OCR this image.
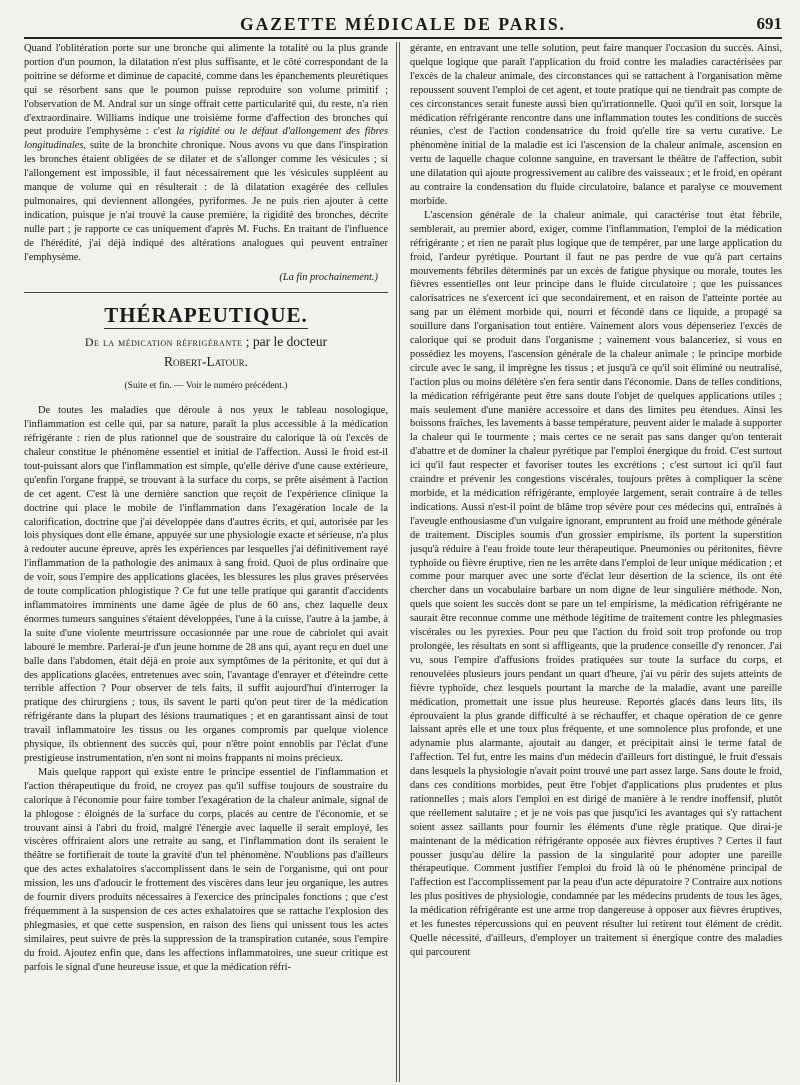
GAZETTE MÉDICALE DE PARIS.	691

Quand l'oblitération porte sur une bronche qui alimente la totalité ou la plus grande portion d'un poumon, la dilatation n'est plus suffisante, et le côté correspondant de la poitrine se déforme et diminue de capacité, comme dans les épanchements pleurétiques qui se résorbent sans que le poumon puisse reproduire son volume primitif ; l'observation de M. Andral sur un singe offrait cette particularité qui, du reste, n'a rien d'extraordinaire. Williams indique une troisième forme d'affection des bronches qui peut produire l'emphysème : c'est la rigidité ou le défaut d'allongement des fibres longitudinales, suite de la bronchite chronique. Nous avons vu que dans l'inspiration les bronches étaient obligées de se dilater et de s'allonger comme les vésicules ; si l'allongement est impossible, il faut nécessairement que les vésicules suppléent au manque de volume qui en résulterait : de là dilatation exagérée des cellules pulmonaires, qui deviennent allongées, pyriformes. Je ne puis rien ajouter à cette indication, puisque je n'ai trouvé la cause première, la rigidité des bronches, décrite nulle part ; je rapporte ce cas uniquement d'après M. Fuchs. En traitant de l'influence de l'hérédité, j'ai déjà indiqué des altérations analogues qui peuvent entraîner l'emphysème.

(La fin prochainement.)
THÉRAPEUTIQUE.
De la médication réfrigérante ; par le docteur
Robert-Latour.
(Suite et fin. — Voir le numéro précédent.)

De toutes les maladies que déroule à nos yeux le tableau nosologique, l'inflammation est celle qui, par sa nature, paraît la plus accessible à la médication réfrigérante : rien de plus rationnel que de soustraire du calorique là où l'excès de chaleur constitue le phénomène essentiel et initial de l'affection. Aussi le froid est-il tout-puissant alors que l'inflammation est simple, qu'elle dérive d'une cause extérieure, qu'enfin l'organe frappé, se trouvant à la surface du corps, se prête aisément à l'action de cet agent. C'est là une dernière sanction que reçoit de l'expérience clinique la doctrine qui place le mobile de l'inflammation dans l'exagération locale de la calorification, doctrine que j'ai développée dans d'autres écrits, et qui, autorisée par les lois physiques dont elle émane, appuyée sur une physiologie exacte et sérieuse, n'a plus à redouter aucune épreuve, après les expériences par lesquelles j'ai définitivement rayé l'inflammation de la pathologie des animaux à sang froid. Quoi de plus ordinaire que de voir, sous l'empire des applications glacées, les blessures les plus graves préservées de toute complication phlogistique ? Ce fut une telle pratique qui garantit d'accidents inflammatoires imminents une dame âgée de plus de 60 ans, chez laquelle deux énormes tumeurs sanguines s'étaient développées, l'une à la cuisse, l'autre à la jambe, à la suite d'une violente meurtrissure occasionnée par une roue de cabriolet qui avait labouré le membre. Parlerai-je d'un jeune homme de 28 ans qui, ayant reçu en duel une balle dans l'abdomen, était déjà en proie aux symptômes de la péritonite, et qui dut à des applications glacées, entretenues avec soin, l'avantage d'enrayer et d'éteindre cette terrible affection ? Pour observer de tels faits, il suffit aujourd'hui d'interroger la pratique des chirurgiens ; tous, ils savent le parti qu'on peut tirer de la médication réfrigérante dans la plupart des lésions traumatiques ; et en garantissant ainsi de tout travail inflammatoire les tissus ou les organes compromis par quelque violence physique, ils obtiennent des succès qui, pour n'être point ennoblis par l'éclat d'une prestigieuse instrumentation, n'en sont ni moins frappants ni moins précieux.

Mais quelque rapport qui existe entre le principe essentiel de l'inflammation et l'action thérapeutique du froid, ne croyez pas qu'il suffise toujours de soustraire du calorique à l'économie pour faire tomber l'exagération de la chaleur animale, signal de la phlogose : éloignés de la surface du corps, placés au centre de l'économie, et se trouvant ainsi à l'abri du froid, malgré l'énergie avec laquelle il serait employé, les viscères offriraient alors une retraite au sang, et l'inflammation dont ils seraient le théâtre se fortifierait de toute la gravité d'un tel phénomène. N'oublions pas d'ailleurs que des actes exhalatoires s'accomplissent dans le sein de l'organisme, qui ont pour mission, les uns d'adoucir le frottement des viscères dans leur jeu organique, les autres de fournir divers produits nécessaires à l'exercice des principales fonctions ; que c'est fréquemment à la suspension de ces actes exhalatoires que se rattache l'explosion des phlegmasies, et que cette suspension, en raison des liens qui unissent tous les actes similaires, peut suivre de près la suppression de la transpiration cutanée, sous l'empire du froid. Ajoutez enfin que, dans les affections inflammatoires, une sueur critique est parfois le signal d'une heureuse issue, et que la médication réfri-

gérante, en entravant une telle solution, peut faire manquer l'occasion du succès. Ainsi, quelque logique que paraît l'application du froid contre les maladies caractérisées par l'excès de la chaleur animale, des circonstances qui se rattachent à l'organisation même repoussent souvent l'emploi de cet agent, et toute pratique qui ne tiendrait pas compte de ces circonstances serait funeste aussi bien qu'irrationnelle. Quoi qu'il en soit, lorsque la médication réfrigérante rencontre dans une inflammation toutes les conditions de succès réunies, c'est de l'action condensatrice du froid qu'elle tire sa vertu curative. Le phénomène initial de la maladie est ici l'ascension de la chaleur animale, ascension en vertu de laquelle chaque colonne sanguine, en traversant le théâtre de l'affection, subit une dilatation qui ajoute progressivement au calibre des vaisseaux ; et le froid, en opérant au contraire la condensation du fluide circulatoire, balance et paralyse ce mouvement morbide.

L'ascension générale de la chaleur animale, qui caractérise tout état fébrile, semblerait, au premier abord, exiger, comme l'inflammation, l'emploi de la médication réfrigérante ; et rien ne paraît plus logique que de tempérer, par une large application du froid, l'ardeur pyrétique. Pourtant il faut ne pas perdre de vue qu'à part certains mouvements fébriles déterminés par un excès de fatigue physique ou morale, toutes les fièvres essentielles ont leur principe dans le fluide circulatoire ; que les puissances calorisatrices ne s'exercent ici que secondairement, et en raison de l'atteinte portée au sang par un élément morbide qui, nourri et fécondé dans ce liquide, a propagé sa souillure dans l'organisation tout entière. Vainement alors vous dépenseriez l'excès de calorique qui se produit dans l'organisme ; vainement vous balanceriez, si vous en possédiez les moyens, l'ascension générale de la chaleur animale ; le principe morbide circule avec le sang, il imprègne les tissus ; et jusqu'à ce qu'il soit éliminé ou neutralisé, l'action plus ou moins délétère s'en fera sentir dans l'économie. Dans de telles conditions, la médication réfrigérante peut être sans doute l'objet de quelques applications utiles ; mais seulement d'une manière accessoire et dans des limites peu étendues. Ainsi les boissons fraîches, les lavements à basse température, peuvent aider le malade à supporter la chaleur qui le tourmente ; mais certes ce ne serait pas sans danger qu'on tenterait d'abattre et de dominer la chaleur pyrétique par l'emploi énergique du froid. C'est surtout ici qu'il faut respecter et favoriser toutes les excrétions ; c'est surtout ici qu'il faut craindre et prévenir les congestions viscérales, toujours prêtes à compliquer la scène morbide, et la médication réfrigérante, employée largement, serait contraire à de telles indications. Aussi n'est-il point de blâme trop sévère pour ces médecins qui, entraînés à l'aveugle enthousiasme d'un vulgaire ignorant, empruntent au froid une méthode générale de traitement. Disciples soumis d'un grossier empirisme, ils portent la superstition jusqu'à réduire à l'eau froide toute leur thérapeutique. Pneumonies ou péritonites, fièvre typhoïde ou fièvre éruptive, rien ne les arrête dans l'emploi de leur unique médication ; et comme pour marquer avec une sorte d'éclat leur désertion de la science, ils ont été chercher dans un vocabulaire barbare un nom digne de leur singulière méthode. Non, quels que soient les succès dont se pare un tel empirisme, la médication réfrigérante ne saurait être reconnue comme une méthode légitime de traitement contre les phlegmasies viscérales ou les pyrexies. Pour peu que l'action du froid soit trop profonde ou trop prolongée, les résultats en sont si affligeants, que la prudence conseille d'y renoncer. J'ai vu, sous l'empire d'affusions froides pratiquées sur toute la surface du corps, et renouvelées plusieurs jours pendant un quart d'heure, j'ai vu périr des sujets atteints de fièvre typhoïde, chez lesquels pourtant la marche de la maladie, avant une pareille médication, promettait une issue plus heureuse. Reportés glacés dans leurs lits, ils éprouvaient la plus grande difficulté à se réchauffer, et chaque opération de ce genre laissant après elle et une toux plus fréquente, et une somnolence plus profonde, et une adynamie plus alarmante, ajoutait au danger, et précipitait ainsi le terme fatal de l'affection. Tel fut, entre les mains d'un médecin d'ailleurs fort distingué, le fruit d'essais dans lesquels la physiologie n'avait point trouvé une part assez large. Sans doute le froid, dans ces conditions morbides, peut être l'objet d'applications plus prudentes et plus rationnelles ; mais alors l'emploi en est dirigé de manière à le rendre inoffensif, plutôt que réellement salutaire ; et je ne vois pas que jusqu'ici les avantages qui s'y rattachent soient assez saillants pour fournir les éléments d'une règle pratique. Que dirai-je maintenant de la médication réfrigérante opposée aux fièvres éruptives ? Certes il faut pousser jusqu'au délire la passion de la singularité pour adopter une pareille thérapeutique. Comment justifier l'emploi du froid là où le phénomène principal de l'affection est l'accomplissement par la peau d'un acte dépuratoire ? Contraire aux notions les plus positives de physiologie, condamnée par les médecins prudents de tous les âges, la médication réfrigérante est une arme trop dangereuse à opposer aux fièvres éruptives, et les funestes répercussions qui en peuvent résulter lui retirent tout élément de crédit. Quelle nécessité, d'ailleurs, d'employer un traitement si énergique contre des maladies qui parcourent
